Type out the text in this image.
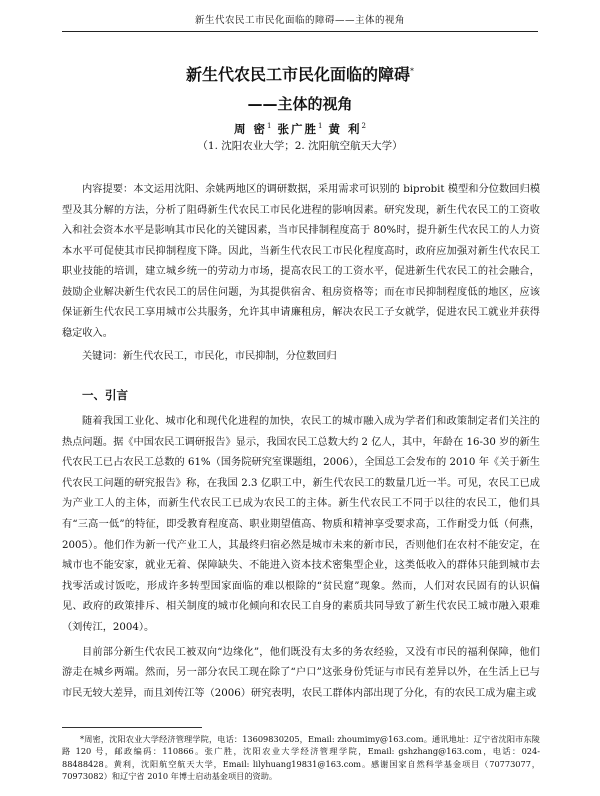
新生代农民工市民化面临的障碍——主体的视角
新生代农民工市民化面临的障碍*
——主体的视角
周 密$^1$ 张广胜$^1$ 黄 利$^2$
（1. 沈阳农业大学；2. 沈阳航空航天大学）
内容提要：本文运用沈阳、余姚两地区的调研数据，采用需求可识别的 biprobit 模型和分位数回归模型及其分解的方法，分析了阻碍新生代农民工市民化进程的影响因素。研究发现，新生代农民工的工资收入和社会资本水平是影响其市民化的关键因素，当市民排制程度高于 80%时，提升新生代农民工的人力资本水平可促使其市民抑制程度下降。因此，当新生代农民工市民化程度高时，政府应加强对新生代农民工职业技能的培训，建立城乡统一的劳动力市场，提高农民工的工资水平，促进新生代农民工的社会融合，鼓励企业解决新生代农民工的居住问题，为其提供宿舍、租房资格等；而在市民抑制程度低的地区，应该保证新生代农民工享用城市公共服务，允许其申请廉租房，解决农民工子女就学，促进农民工就业并获得稳定收入。
关键词：新生代农民工，市民化，市民抑制，分位数回归
一、引言

随着我国工业化、城市化和现代化进程的加快，农民工的城市融入成为学者们和政策制定者们关注的热点问题。据《中国农民工调研报告》显示，我国农民工总数大约 2 亿人，其中，年龄在 16-30 岁的新生代农民工已占农民工总数的 61%（国务院研究室课题组，2006），全国总工会发布的 2010 年《关于新生代农民工问题的研究报告》称，在我国 2.3 亿职工中，新生代农民工的数量几近一半。可见，农民工已成为产业工人的主体，而新生代农民工已成为农民工的主体。新生代农民工不同于以往的农民工，他们具有“三高一低”的特征，即受教育程度高、职业期望值高、物质和精神享受要求高，工作耐受力低（何燕，2005）。他们作为新一代产业工人，其最终归宿必然是城市未来的新市民，否则他们在农村不能安定，在城市也不能安家，就业无着、保障缺失、不能进入资本技术密集型企业，这类低收入的群体只能到城市去找零活或讨饭吃，形成许多转型国家面临的难以根除的“贫民窟”现象。然而，人们对农民固有的认识偏见、政府的政策排斥、相关制度的城市化倾向和农民工自身的素质共同导致了新生代农民工城市融入艰难（刘传江，2004）。

目前部分新生代农民工被双向“边缘化”，他们既没有太多的务农经验，又没有市民的福利保障，他们游走在城乡两端。然而，另一部分农民工现在除了“户口”这张身份凭证与市民有差异以外，在生活上已与市民无较大差异，而且刘传江等（2006）研究表明，农民工群体内部出现了分化，有的农民工成为雇主或

*周密，沈阳农业大学经济管理学院，电话：13609830205，Email: zhoumimy@163.com。通讯地址：辽宁省沈阳市东陵路 120 号，邮政编码：110866。张广胜，沈阳农业大学经济管理学院，Email: gshzhang@163.com，电话：024-88488428。黄利，沈阳航空航天大学，Email: lilyhuang19831@163.com。感谢国家自然科学基金项目（70773077，70973082）和辽宁省 2010 年博士启动基金项目的资助。
